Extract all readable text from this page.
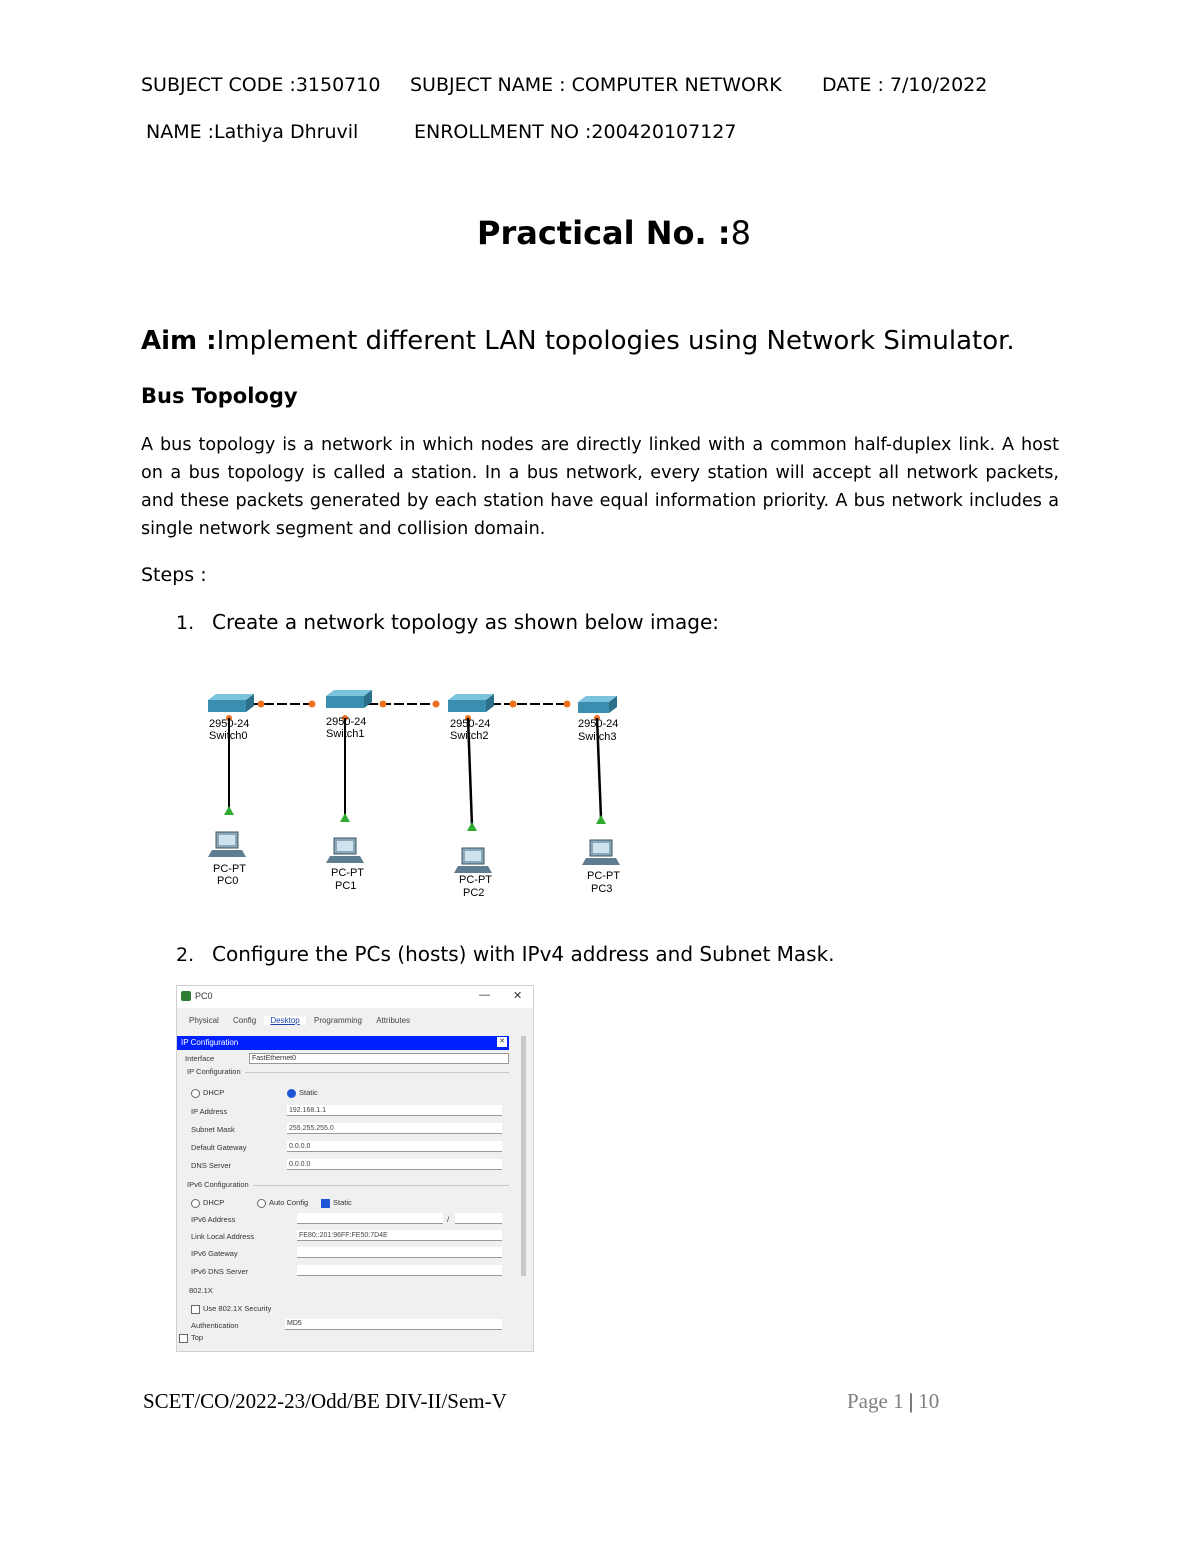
SUBJECT CODE :3150710 SUBJECT NAME : COMPUTER NETWORK DATE : 7/10/2022
NAME :Lathiya Dhruvil	ENROLLMENT NO :200420107127
Practical No. :8
Aim :Implement different LAN topologies using Network Simulator.
Bus Topology
A bus topology is a network in which nodes are directly linked with a common half-duplex link. A host on a bus topology is called a station. In a bus network, every station will accept all network packets, and these packets generated by each station have equal information priority. A bus network includes a single network segment and collision domain.
Steps :
1. Create a network topology as shown below image:
2950-24
Switch0
2950-24
Switch1
2950-24
Switch2
2950-24
Switch3
PC-PT
PC0
PC-PT
PC1	PC-PT
PC2
PC-PT
PC3
2. Configure the PCs (hosts) with IPv4 address and Subnet Mask.
PC0	— ✕
Physical Config Desktop Programming Attributes
IP Configuration	✕
Interface	FastEthernet0
IP Configuration
DHCP	Static
IP Address	192.168.1.1
Subnet Mask	255.255.255.0
Default Gateway	0.0.0.0
DNS Server	0.0.0.0
IPv6 Configuration
DHCP	Auto Config	Static
IPv6 Address	/
Link Local Address	FE80::201:96FF:FE50:7D4E
IPv6 Gateway
IPv6 DNS Server
802.1X
Use 802.1X Security
Authentication	MD5
Top
SCET/CO/2022-23/Odd/BE DIV-II/Sem-V	Page 1 | 10
